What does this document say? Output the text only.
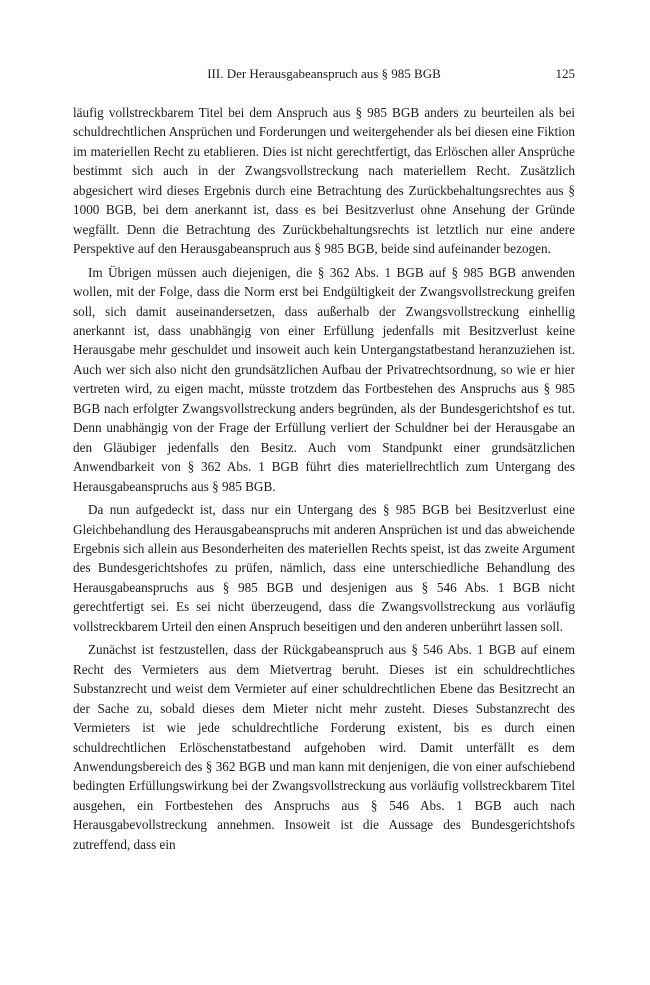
III. Der Herausgabeanspruch aus § 985 BGB	125

läufig vollstreckbarem Titel bei dem Anspruch aus § 985 BGB anders zu beurteilen als bei schuldrechtlichen Ansprüchen und Forderungen und weitergehender als bei diesen eine Fiktion im materiellen Recht zu etablieren. Dies ist nicht gerechtfertigt, das Erlöschen aller Ansprüche bestimmt sich auch in der Zwangsvollstreckung nach materiellem Recht. Zusätzlich abgesichert wird dieses Ergebnis durch eine Betrachtung des Zurückbehaltungsrechtes aus § 1000 BGB, bei dem anerkannt ist, dass es bei Besitzverlust ohne Ansehung der Gründe wegfällt. Denn die Betrachtung des Zurückbehaltungsrechts ist letztlich nur eine andere Perspektive auf den Herausgabeanspruch aus § 985 BGB, beide sind aufeinander bezogen.

Im Übrigen müssen auch diejenigen, die § 362 Abs. 1 BGB auf § 985 BGB anwenden wollen, mit der Folge, dass die Norm erst bei Endgültigkeit der Zwangsvollstreckung greifen soll, sich damit auseinandersetzen, dass außerhalb der Zwangsvollstreckung einhellig anerkannt ist, dass unabhängig von einer Erfüllung jedenfalls mit Besitzverlust keine Herausgabe mehr geschuldet und insoweit auch kein Untergangstatbestand heranzuziehen ist. Auch wer sich also nicht den grundsätzlichen Aufbau der Privatrechtsordnung, so wie er hier vertreten wird, zu eigen macht, müsste trotzdem das Fortbestehen des Anspruchs aus § 985 BGB nach erfolgter Zwangsvollstreckung anders begründen, als der Bundesgerichtshof es tut. Denn unabhängig von der Frage der Erfüllung verliert der Schuldner bei der Herausgabe an den Gläubiger jedenfalls den Besitz. Auch vom Standpunkt einer grundsätzlichen Anwendbarkeit von § 362 Abs. 1 BGB führt dies materiellrechtlich zum Untergang des Herausgabeanspruchs aus § 985 BGB.

Da nun aufgedeckt ist, dass nur ein Untergang des § 985 BGB bei Besitzverlust eine Gleichbehandlung des Herausgabeanspruchs mit anderen Ansprüchen ist und das abweichende Ergebnis sich allein aus Besonderheiten des materiellen Rechts speist, ist das zweite Argument des Bundesgerichtshofes zu prüfen, nämlich, dass eine unterschiedliche Behandlung des Herausgabeanspruchs aus § 985 BGB und desjenigen aus § 546 Abs. 1 BGB nicht gerechtfertigt sei. Es sei nicht überzeugend, dass die Zwangsvollstreckung aus vorläufig vollstreckbarem Urteil den einen Anspruch beseitigen und den anderen unberührt lassen soll.

Zunächst ist festzustellen, dass der Rückgabeanspruch aus § 546 Abs. 1 BGB auf einem Recht des Vermieters aus dem Mietvertrag beruht. Dieses ist ein schuldrechtliches Substanzrecht und weist dem Vermieter auf einer schuldrechtlichen Ebene das Besitzrecht an der Sache zu, sobald dieses dem Mieter nicht mehr zusteht. Dieses Substanzrecht des Vermieters ist wie jede schuldrechtliche Forderung existent, bis es durch einen schuldrechtlichen Erlöschenstatbestand aufgehoben wird. Damit unterfällt es dem Anwendungsbereich des § 362 BGB und man kann mit denjenigen, die von einer aufschiebend bedingten Erfüllungswirkung bei der Zwangsvollstreckung aus vorläufig vollstreckbarem Titel ausgehen, ein Fortbestehen des Anspruchs aus § 546 Abs. 1 BGB auch nach Herausgabevollstreckung annehmen. Insoweit ist die Aussage des Bundesgerichtshofs zutreffend, dass ein
